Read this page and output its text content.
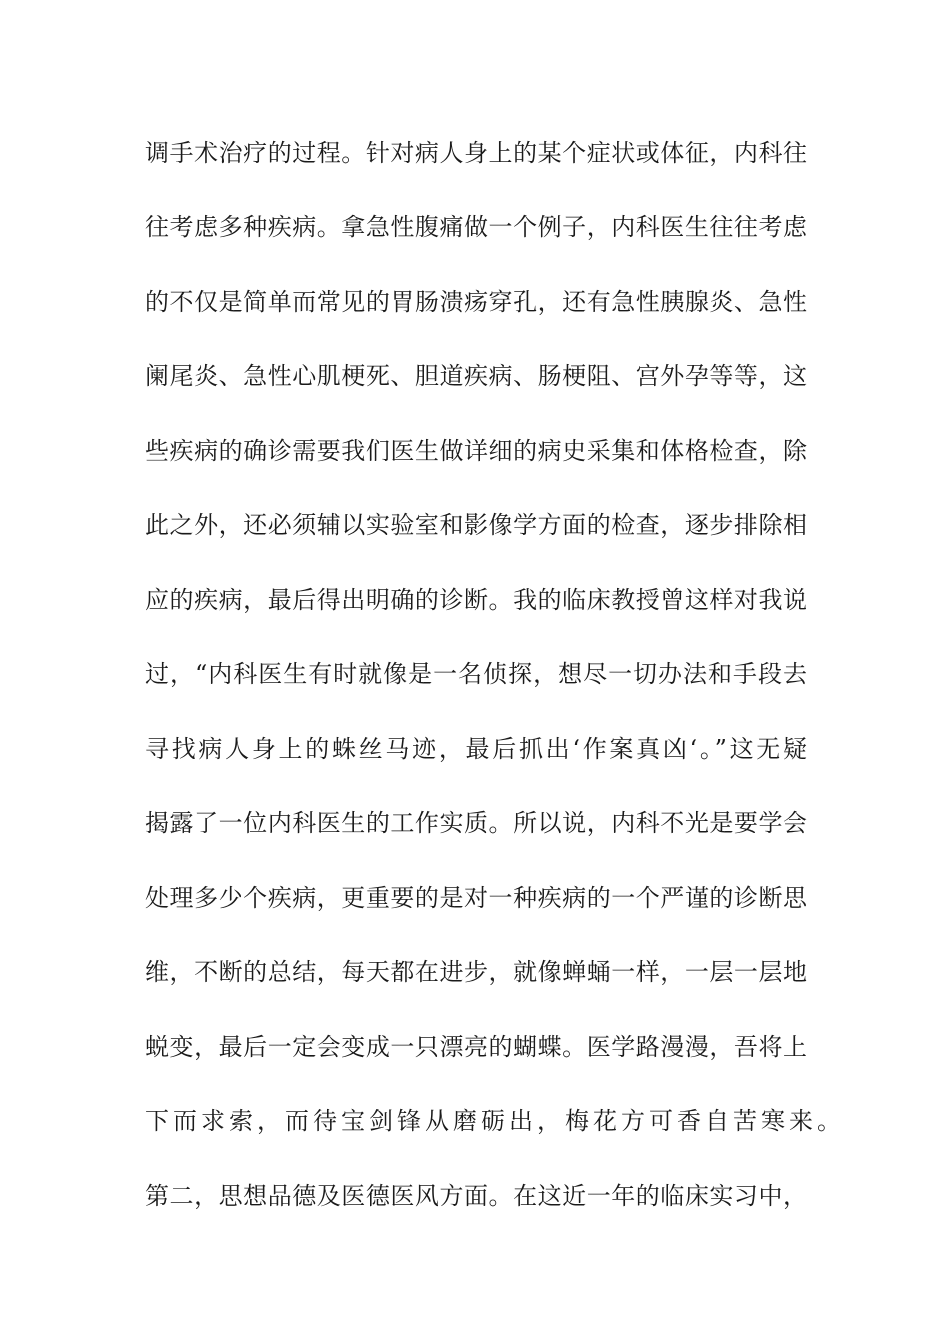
调手术治疗的过程。针对病人身上的某个症状或体征，内科往
往考虑多种疾病。拿急性腹痛做一个例子，内科医生往往考虑
的不仅是简单而常见的胃肠溃疡穿孔，还有急性胰腺炎、急性
阑尾炎、急性心肌梗死、胆道疾病、肠梗阻、宫外孕等等，这
些疾病的确诊需要我们医生做详细的病史采集和体格检查，除
此之外，还必须辅以实验室和影像学方面的检查，逐步排除相
应的疾病，最后得出明确的诊断。我的临床教授曾这样对我说
过，“内科医生有时就像是一名侦探，想尽一切办法和手段去
寻找病人身上的蛛丝马迹，最后抓出‘作案真凶‘。”这无疑
揭露了一位内科医生的工作实质。所以说，内科不光是要学会
处理多少个疾病，更重要的是对一种疾病的一个严谨的诊断思
维，不断的总结，每天都在进步，就像蝉蛹一样，一层一层地
蜕变，最后一定会变成一只漂亮的蝴蝶。医学路漫漫，吾将上
下而求索，而待宝剑锋从磨砺出，梅花方可香自苦寒来。
第二，思想品德及医德医风方面。在这近一年的临床实习中，
